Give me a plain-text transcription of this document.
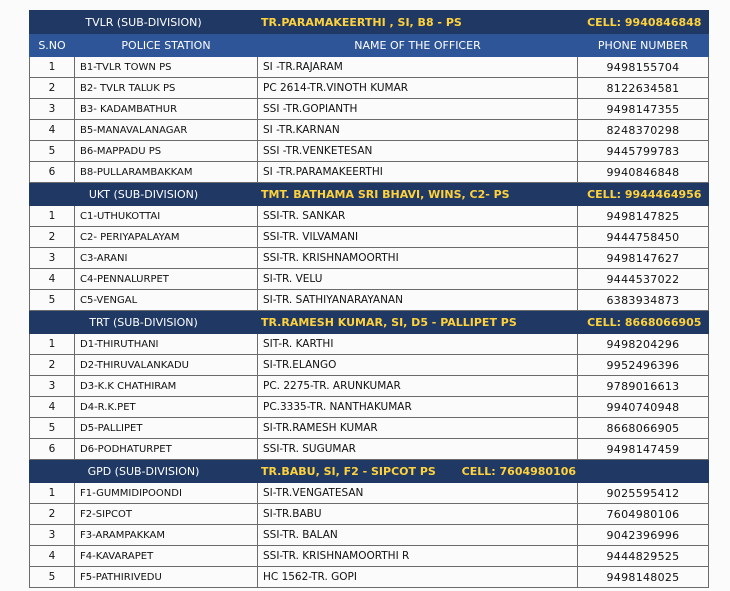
TVLR (SUB-DIVISION)		TR.PARAMAKEERTHI , SI, B8 - PS	CELL: 9940846848
S.NO	POLICE STATION	NAME OF THE OFFICER	PHONE NUMBER
1	B1-TVLR TOWN PS	SI -TR.RAJARAM	9498155704
2	B2- TVLR TALUK PS	PC 2614-TR.VINOTH KUMAR	8122634581
3	B3- KADAMBATHUR	SSI -TR.GOPIANTH	9498147355
4	B5-MANAVALANAGAR	SI -TR.KARNAN	8248370298
5	B6-MAPPADU PS	SSI -TR.VENKETESAN	9445799783
6	B8-PULLARAMBAKKAM	SI -TR.PARAMAKEERTHI	9940846848
UKT (SUB-DIVISION)		TMT. BATHAMA SRI BHAVI, WINS, C2- PS	CELL: 9944464956
1	C1-UTHUKOTTAI	SSI-TR. SANKAR	9498147825
2	C2- PERIYAPALAYAM	SSI-TR. VILVAMANI	9444758450
3	C3-ARANI	SSI-TR. KRISHNAMOORTHI	9498147627
4	C4-PENNALURPET	SI-TR. VELU	9444537022
5	C5-VENGAL	SI-TR. SATHIYANARAYANAN	6383934873
TRT (SUB-DIVISION)		TR.RAMESH KUMAR, SI, D5 - PALLIPET PS	CELL: 8668066905
1	D1-THIRUTHANI	SIT-R. KARTHI	9498204296
2	D2-THIRUVALANKADU	SI-TR.ELANGO	9952496396
3	D3-K.K CHATHIRAM	PC. 2275-TR. ARUNKUMAR	9789016613
4	D4-R.K.PET	PC.3335-TR. NANTHAKUMAR	9940740948
5	D5-PALLIPET	SI-TR.RAMESH KUMAR	8668066905
6	D6-PODHATURPET	SSI-TR. SUGUMAR	9498147459
GPD (SUB-DIVISION)		TR.BABU, SI, F2 - SIPCOT PS CELL: 7604980106	
1	F1-GUMMIDIPOONDI	SI-TR.VENGATESAN	9025595412
2	F2-SIPCOT	SI-TR.BABU	7604980106
3	F3-ARAMPAKKAM	SSI-TR. BALAN	9042396996
4	F4-KAVARAPET	SSI-TR. KRISHNAMOORTHI R	9444829525
5	F5-PATHIRIVEDU	HC 1562-TR. GOPI	9498148025
